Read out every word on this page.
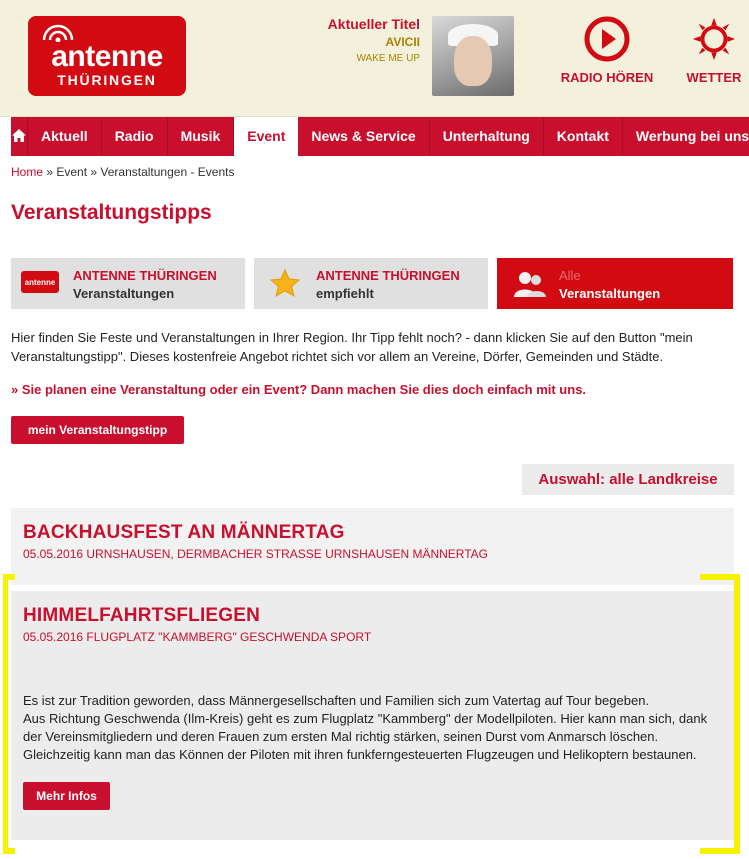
antenne
THÜRINGEN
Aktueller Titel
AVICII
WAKE ME UP
RADIO HÖREN	WETTER
Aktuell	Radio	Musik	Event	News & Service	Unterhaltung	Kontakt	Werbung bei uns
Home » Event » Veranstaltungen - Events
Veranstaltungstipps
antenne ANTENNE THÜRINGEN
Veranstaltungen
ANTENNE THÜRINGEN
empfiehlt
Alle
Veranstaltungen
Hier finden Sie Feste und Veranstaltungen in Ihrer Region. Ihr Tipp fehlt noch? - dann klicken Sie auf den Button "mein Veranstaltungstipp". Dieses kostenfreie Angebot richtet sich vor allem an Vereine, Dörfer, Gemeinden und Städte.
» Sie planen eine Veranstaltung oder ein Event? Dann machen Sie dies doch einfach mit uns.
mein Veranstaltungstipp
Auswahl: alle Landkreise
BACKHAUSFEST AN MÄNNERTAG
05.05.2016 URNSHAUSEN, DERMBACHER STRASSE URNSHAUSEN MÄNNERTAG
HIMMELFAHRTSFLIEGEN
05.05.2016 FLUGPLATZ "KAMMBERG" GESCHWENDA SPORT
Es ist zur Tradition geworden, dass Männergesellschaften und Familien sich zum Vatertag auf Tour begeben.
Aus Richtung Geschwenda (Ilm-Kreis) geht es zum Flugplatz "Kammberg" der Modellpiloten. Hier kann man sich, dank der Vereinsmitgliedern und deren Frauen zum ersten Mal richtig stärken, seinen Durst vom Anmarsch löschen. Gleichzeitig kann man das Können der Piloten mit ihren funkferngesteuerten Flugzeugen und Helikoptern bestaunen.
Mehr Infos
